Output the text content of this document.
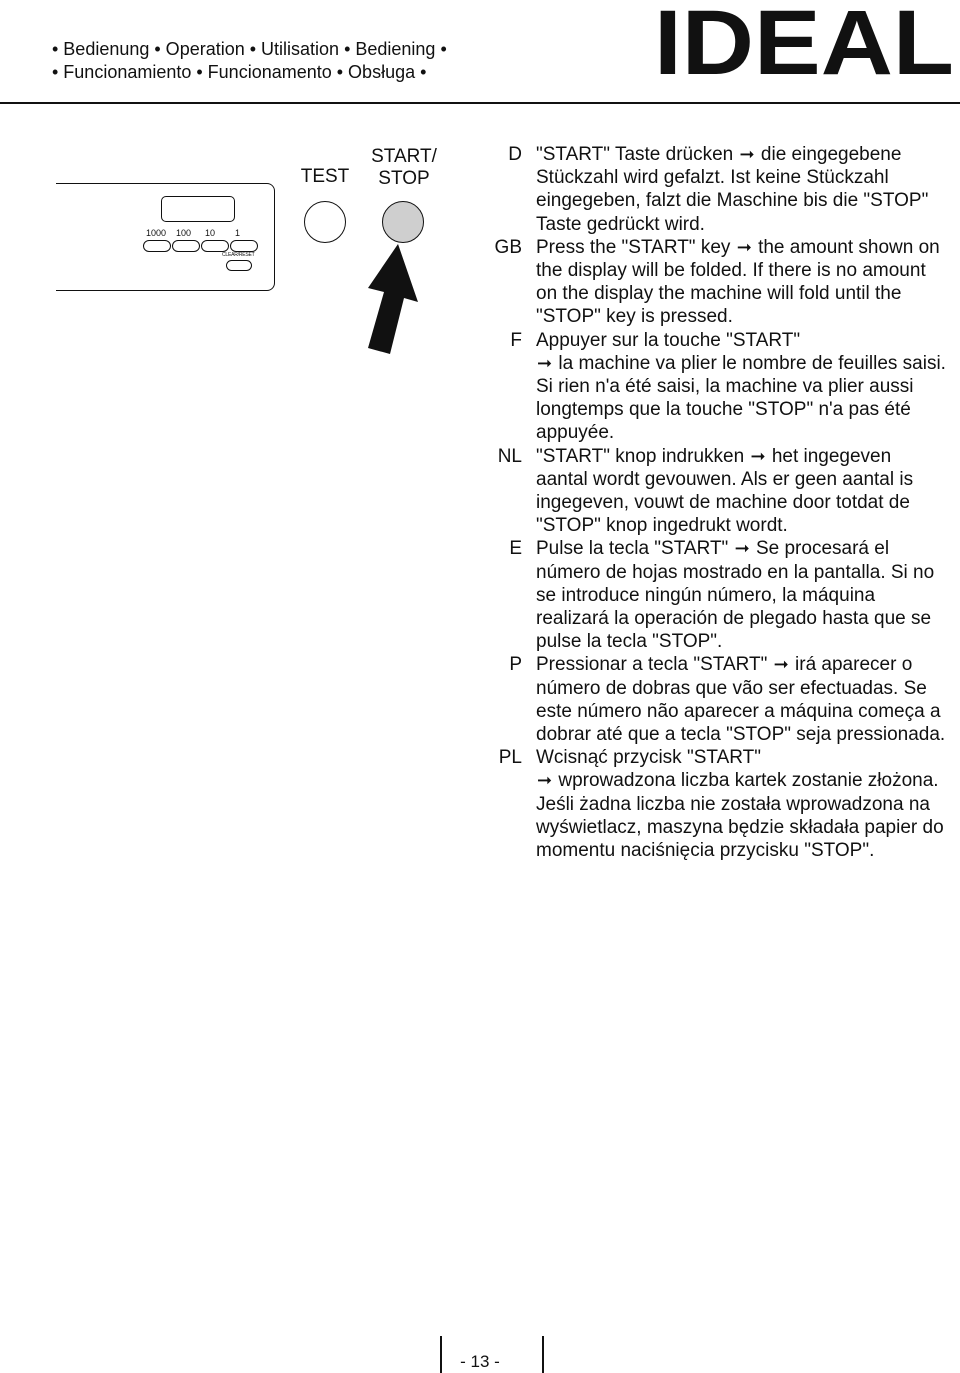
• Bedienung • Operation • Utilisation • Bediening •
• Funcionamiento • Funcionamento • Obsługa • IDEAL
TEST
START/
STOP
1000 100 10 1
CLEAR/RESET
D "START" Taste drücken ➞ die eingegebene Stückzahl wird gefalzt. Ist keine Stückzahl eingegeben, falzt die Maschine bis die "STOP" Taste gedrückt wird.
GB Press the "START" key ➞ the amount shown on the display will be folded. If there is no amount on the display the machine will fold until the "STOP" key is pressed.
F Appuyer sur la touche "START"
➞ la machine va plier le nombre de feuilles saisi. Si rien n'a été saisi, la machine va plier aussi longtemps que la touche "STOP" n'a pas été appuyée.
NL "START" knop indrukken ➞ het ingegeven aantal wordt gevouwen. Als er geen aantal is ingegeven, vouwt de machine door totdat de "STOP" knop ingedrukt wordt.
E Pulse la tecla "START" ➞ Se procesará el número de hojas mostrado en la pantalla. Si no se introduce ningún número, la máquina realizará la operación de plegado hasta que se pulse la tecla "STOP".
P Pressionar a tecla "START" ➞ irá aparecer o número de dobras que vão ser efectuadas. Se este número não aparecer a máquina começa a dobrar até que a tecla "STOP" seja pressionada.
PL Wcisnąć przycisk "START"
➞ wprowadzona liczba kartek zostanie złożona. Jeśli żadna liczba nie została wprowadzona na wyświetlacz, maszyna będzie składała papier do momentu naciśnięcia przycisku "STOP".
- 13 -
